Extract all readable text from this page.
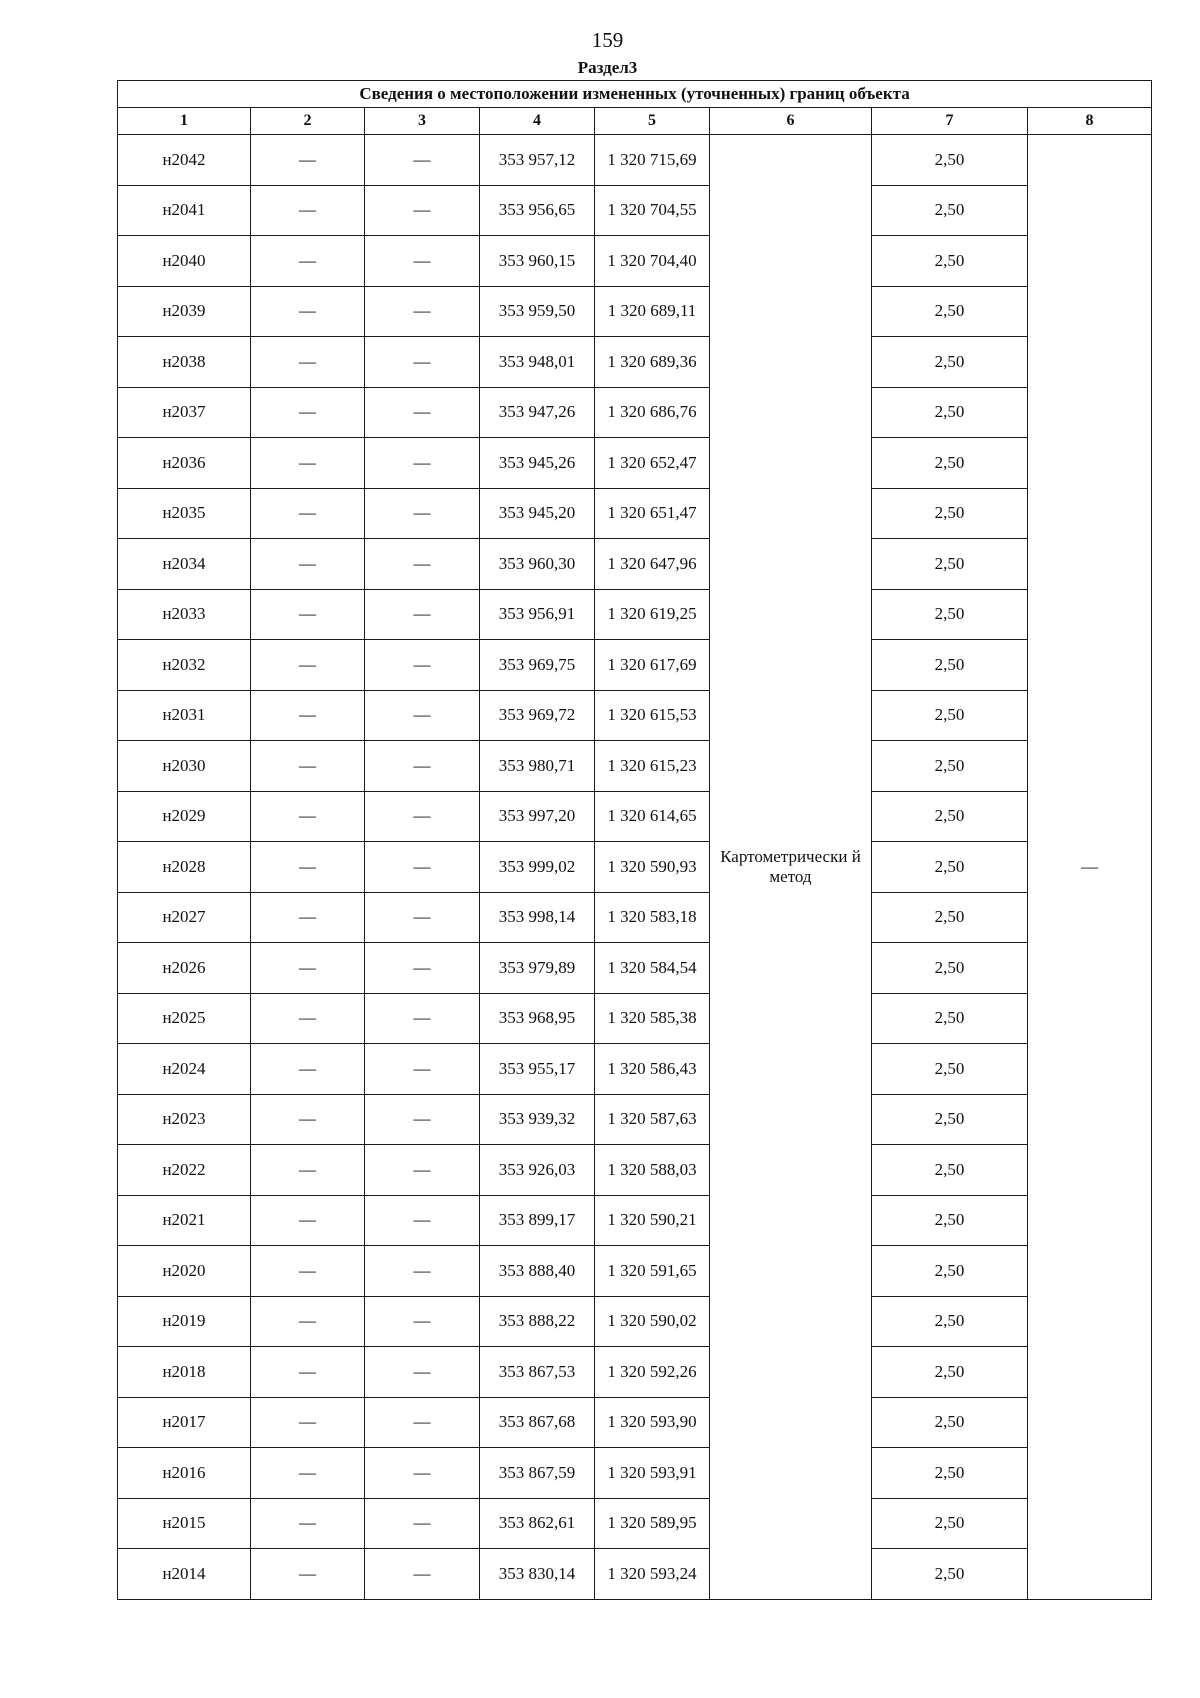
159
Раздел3
Сведения о местоположении измененных (уточненных) границ объекта							
1	2	3	4	5	6	7	8
н2042	—	—	353 957,12	1 320 715,69	Картометрически й метод	2,50	—
н2041	—	—	353 956,65	1 320 704,55		2,50	
н2040	—	—	353 960,15	1 320 704,40		2,50	
н2039	—	—	353 959,50	1 320 689,11		2,50	
н2038	—	—	353 948,01	1 320 689,36		2,50	
н2037	—	—	353 947,26	1 320 686,76		2,50	
н2036	—	—	353 945,26	1 320 652,47		2,50	
н2035	—	—	353 945,20	1 320 651,47		2,50	
н2034	—	—	353 960,30	1 320 647,96		2,50	
н2033	—	—	353 956,91	1 320 619,25		2,50	
н2032	—	—	353 969,75	1 320 617,69		2,50	
н2031	—	—	353 969,72	1 320 615,53		2,50	
н2030	—	—	353 980,71	1 320 615,23		2,50	
н2029	—	—	353 997,20	1 320 614,65		2,50	
н2028	—	—	353 999,02	1 320 590,93		2,50	
н2027	—	—	353 998,14	1 320 583,18		2,50	
н2026	—	—	353 979,89	1 320 584,54		2,50	
н2025	—	—	353 968,95	1 320 585,38		2,50	
н2024	—	—	353 955,17	1 320 586,43		2,50	
н2023	—	—	353 939,32	1 320 587,63		2,50	
н2022	—	—	353 926,03	1 320 588,03		2,50	
н2021	—	—	353 899,17	1 320 590,21		2,50	
н2020	—	—	353 888,40	1 320 591,65		2,50	
н2019	—	—	353 888,22	1 320 590,02		2,50	
н2018	—	—	353 867,53	1 320 592,26		2,50	
н2017	—	—	353 867,68	1 320 593,90		2,50	
н2016	—	—	353 867,59	1 320 593,91		2,50	
н2015	—	—	353 862,61	1 320 589,95		2,50	
н2014	—	—	353 830,14	1 320 593,24		2,50	
